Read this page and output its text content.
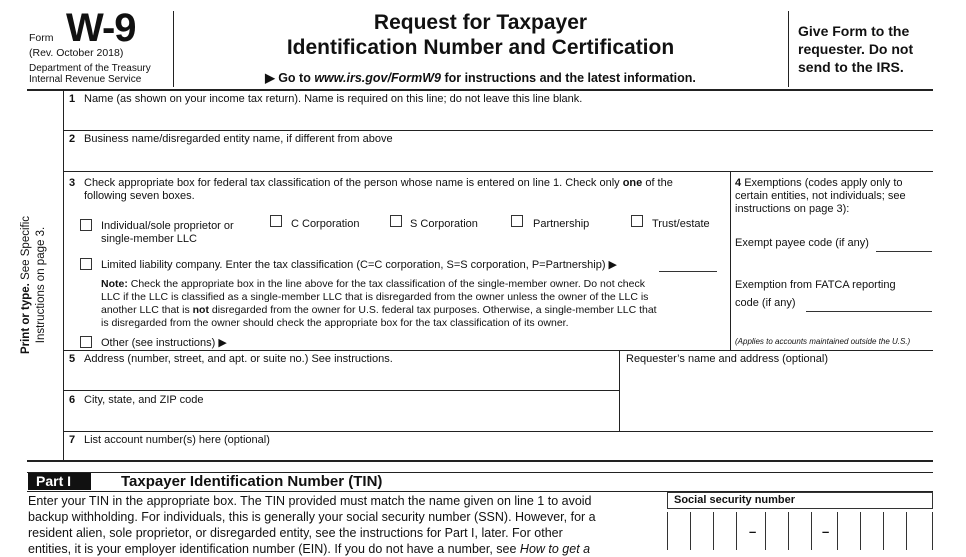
Form W-9
(Rev. October 2018)
Department of the Treasury
Internal Revenue Service
Request for Taxpayer
Identification Number and Certification
▶ Go to www.irs.gov/FormW9 for instructions and the latest information.
Give Form to the
requester. Do not
send to the IRS.
Print or type. See Specific Instructions on page 3.
1 Name (as shown on your income tax return). Name is required on this line; do not leave this line blank.
2 Business name/disregarded entity name, if different from above
3 Check appropriate box for federal tax classification of the person whose name is entered on line 1. Check only one of the
following seven boxes.
Individual/sole proprietor or
single-member LLC
C Corporation	S Corporation	Partnership	Trust/estate
Limited liability company. Enter the tax classification (C=C corporation, S=S corporation, P=Partnership) ▶
Note: Check the appropriate box in the line above for the tax classification of the single-member owner. Do not check
LLC if the LLC is classified as a single-member LLC that is disregarded from the owner unless the owner of the LLC is
another LLC that is not disregarded from the owner for U.S. federal tax purposes. Otherwise, a single-member LLC that
is disregarded from the owner should check the appropriate box for the tax classification of its owner.
Other (see instructions) ▶
4 Exemptions (codes apply only to
certain entities, not individuals; see
instructions on page 3):
Exempt payee code (if any)
Exemption from FATCA reporting
code (if any)
(Applies to accounts maintained outside the U.S.)
5 Address (number, street, and apt. or suite no.) See instructions.	Requester’s name and address (optional)
6 City, state, and ZIP code
7 List account number(s) here (optional)
Part I	Taxpayer Identification Number (TIN)
Enter your TIN in the appropriate box. The TIN provided must match the name given on line 1 to avoid
backup withholding. For individuals, this is generally your social security number (SSN). However, for a
resident alien, sole proprietor, or disregarded entity, see the instructions for Part I, later. For other
entities, it is your employer identification number (EIN). If you do not have a number, see How to get a
Social security number
–	–
